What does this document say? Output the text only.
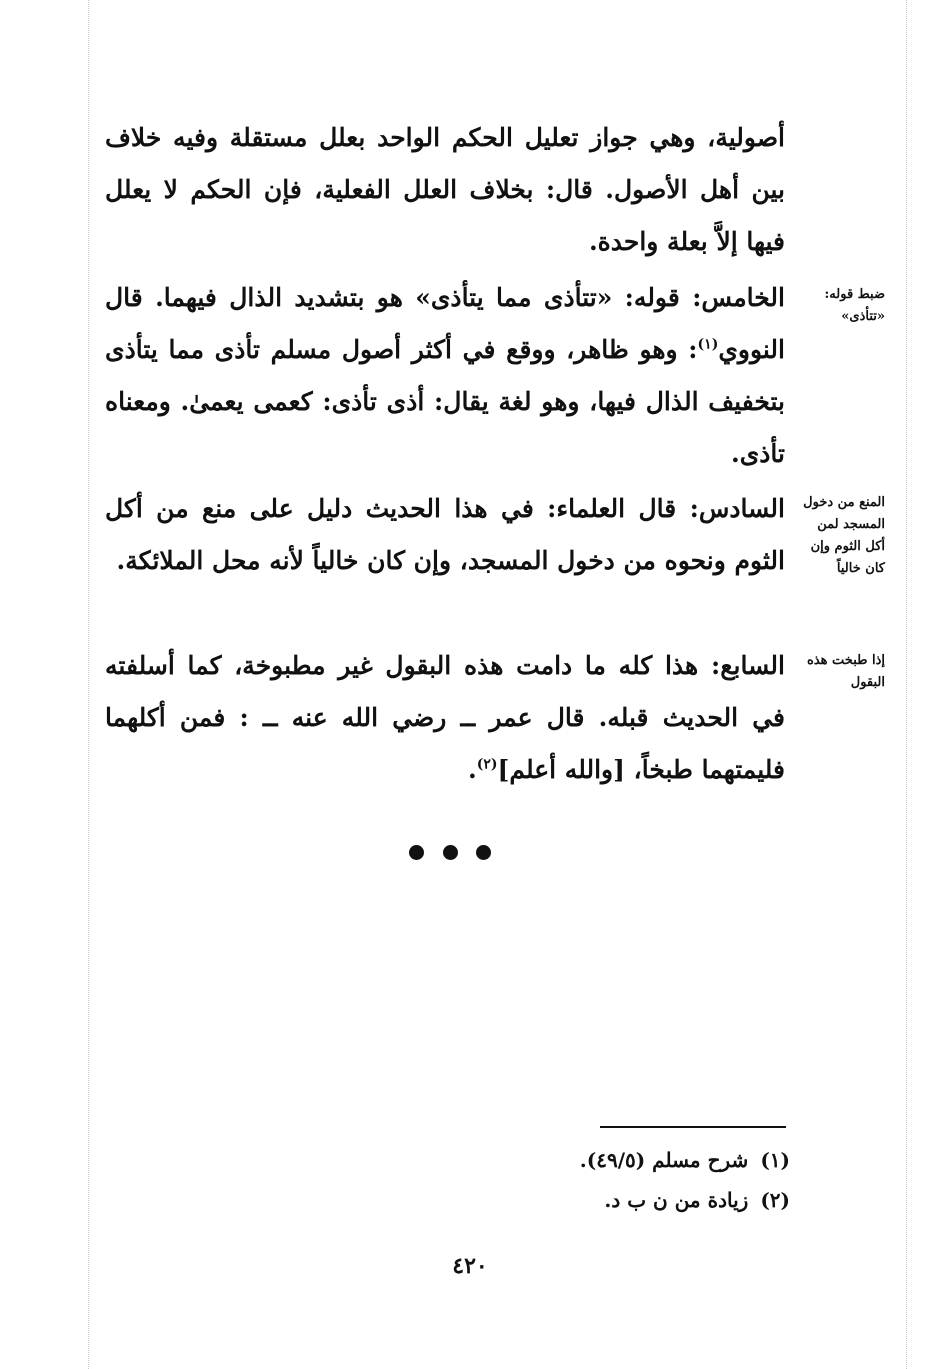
أصولية، وهي جواز تعليل الحكم الواحد بعلل مستقلة وفيه خلاف بين أهل الأصول. قال: بخلاف العلل الفعلية، فإن الحكم لا يعلل فيها إلاَّ بعلة واحدة.

الخامس: قوله: «تتأذى مما يتأذى» هو بتشديد الذال فيهما. قال النووي$^{(١)}$: وهو ظاهر، ووقع في أكثر أصول مسلم تأذى مما يتأذى بتخفيف الذال فيها، وهو لغة يقال: أذى تأذى: كعمى يعمىٰ. ومعناه تأذى.

السادس: قال العلماء: في هذا الحديث دليل على منع من أكل الثوم ونحوه من دخول المسجد، وإن كان خالياً لأنه محل الملائكة.

السابع: هذا كله ما دامت هذه البقول غير مطبوخة، كما أسلفته في الحديث قبله. قال عمر ــ رضي الله عنه ــ : فمن أكلهما فليمتهما طبخاً، [والله أعلم]$^{(٢)}$.

ضبط قوله: «تتأذى»
المنع من دخول المسجد لمن أكل الثوم وإن كان خالياً
إذا طبخت هذه البقول

(١)شرح مسلم (٤٩/٥).

(٢)زيادة من ن ب د.

٤٢٠
